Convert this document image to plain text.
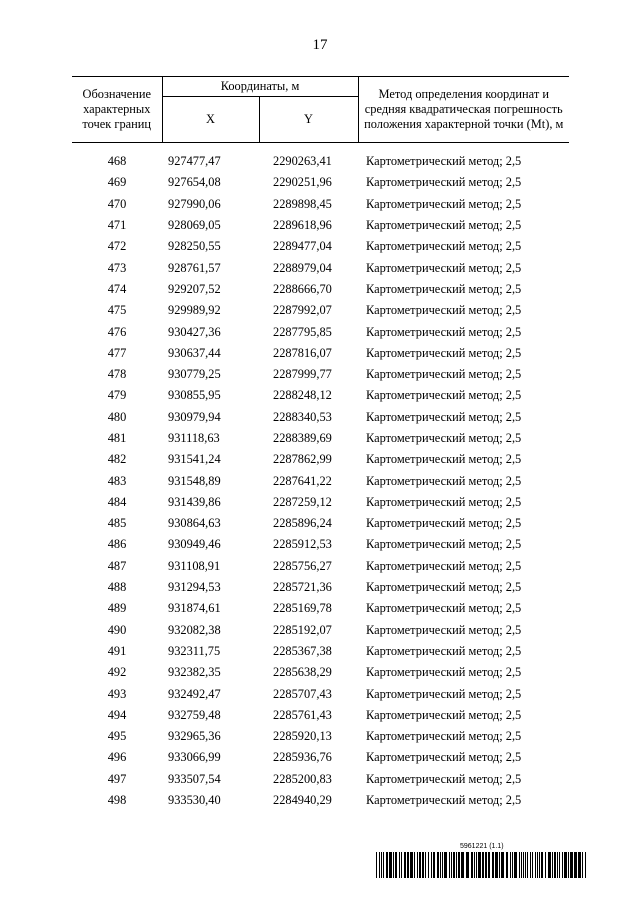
17
Обозначение характерных точек границ	Координаты, м		Метод определения координат и средняя квадратическая погрешность положения характерной точки (Mt), м
	X	Y	

468	927477,47	2290263,41	Картометрический метод; 2,5
469	927654,08	2290251,96	Картометрический метод; 2,5
470	927990,06	2289898,45	Картометрический метод; 2,5
471	928069,05	2289618,96	Картометрический метод; 2,5
472	928250,55	2289477,04	Картометрический метод; 2,5
473	928761,57	2288979,04	Картометрический метод; 2,5
474	929207,52	2288666,70	Картометрический метод; 2,5
475	929989,92	2287992,07	Картометрический метод; 2,5
476	930427,36	2287795,85	Картометрический метод; 2,5
477	930637,44	2287816,07	Картометрический метод; 2,5
478	930779,25	2287999,77	Картометрический метод; 2,5
479	930855,95	2288248,12	Картометрический метод; 2,5
480	930979,94	2288340,53	Картометрический метод; 2,5
481	931118,63	2288389,69	Картометрический метод; 2,5
482	931541,24	2287862,99	Картометрический метод; 2,5
483	931548,89	2287641,22	Картометрический метод; 2,5
484	931439,86	2287259,12	Картометрический метод; 2,5
485	930864,63	2285896,24	Картометрический метод; 2,5
486	930949,46	2285912,53	Картометрический метод; 2,5
487	931108,91	2285756,27	Картометрический метод; 2,5
488	931294,53	2285721,36	Картометрический метод; 2,5
489	931874,61	2285169,78	Картометрический метод; 2,5
490	932082,38	2285192,07	Картометрический метод; 2,5
491	932311,75	2285367,38	Картометрический метод; 2,5
492	932382,35	2285638,29	Картометрический метод; 2,5
493	932492,47	2285707,43	Картометрический метод; 2,5
494	932759,48	2285761,43	Картометрический метод; 2,5
495	932965,36	2285920,13	Картометрический метод; 2,5
496	933066,99	2285936,76	Картометрический метод; 2,5
497	933507,54	2285200,83	Картометрический метод; 2,5
498	933530,40	2284940,29	Картометрический метод; 2,5
5961221 (1.1)
